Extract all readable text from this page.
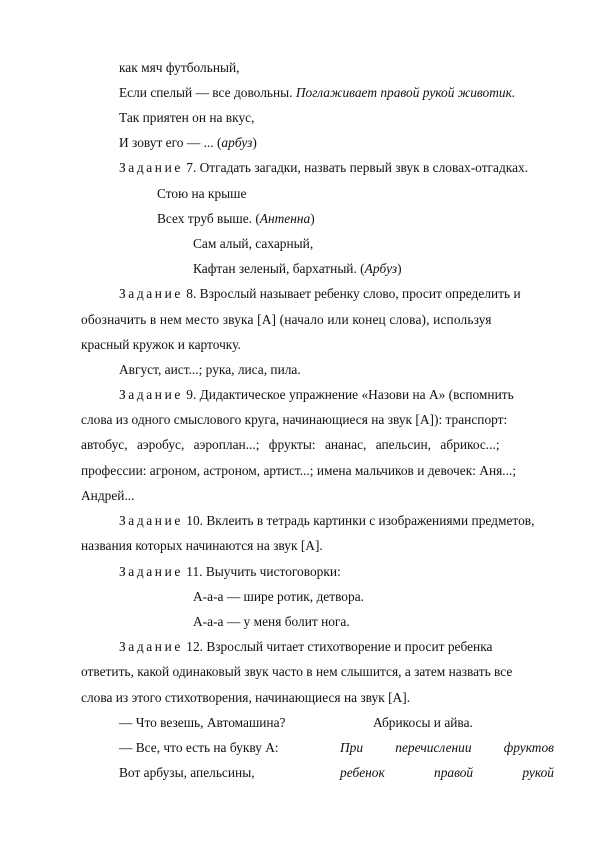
как мяч футбольный,
Если спелый — все довольны. Поглаживает правой рукой животик.
Так приятен он на вкус,
И зовут его — ... (арбуз)
Задание 7. Отгадать загадки, назвать первый звук в словах-отгадках.
Стою на крыше
Всех труб выше. (Антенна)
Сам алый, сахарный,
Кафтан зеленый, бархатный. (Арбуз)
Задание 8. Взрослый называет ребенку слово, просит определить и
обозначить в нем место звука [А] (начало или конец слова), используя
красный кружок и карточку.
Август, аист...; рука, лиса, пила.
Задание 9. Дидактическое упражнение «Назови на А» (вспомнить
слова из одного смыслового круга, начинающиеся на звук [А]): транспорт:
автобус, аэробус, аэроплан...; фрукты: ананас, апельсин, абрикос...;
профессии: агроном, астроном, артист...; имена мальчиков и девочек: Аня...;
Андрей...
Задание 10. Вклеить в тетрадь картинки с изображениями предметов,
названия которых начинаются на звук [А].
Задание 11. Выучить чистоговорки:
А-а-а — шире ротик, детвора.
А-а-а — у меня болит нога.
Задание 12. Взрослый читает стихотворение и просит ребенка
ответить, какой одинаковый звук часто в нем слышится, а затем назвать все
слова из этого стихотворения, начинающиеся на звук [А].
— Что везешь, Автомашина?	Абрикосы и айва.
— Все, что есть на букву А:	При перечислении фруктов
Вот арбузы, апельсины,	ребенок	правой	рукой
